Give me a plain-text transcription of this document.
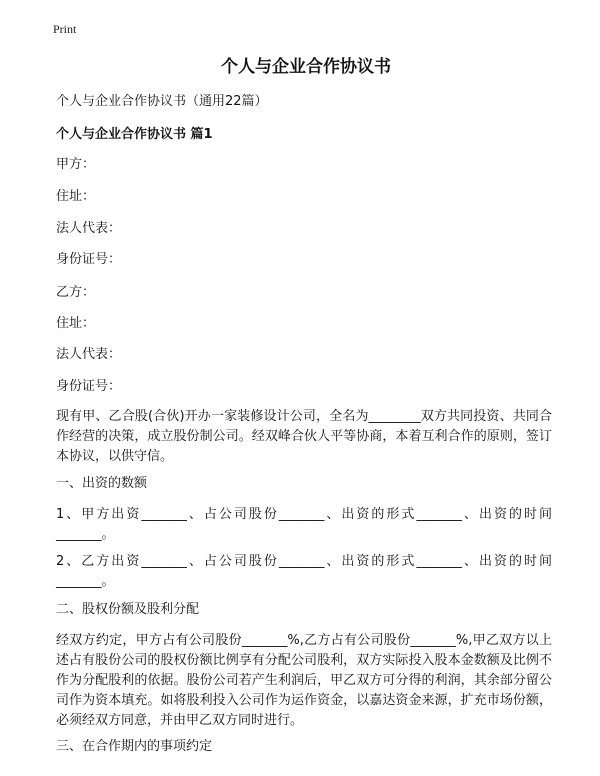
Print
个人与企业合作协议书
个人与企业合作协议书（通用22篇）
个人与企业合作协议书 篇1
甲方：
住址：
法人代表：
身份证号：
乙方：
住址：
法人代表：
身份证号：
现有甲、乙合股(合伙)开办一家装修设计公司，全名为________双方共同投资、共同合作经营的决策，成立股份制公司。经双峰合伙人平等协商，本着互利合作的原则，签订本协议，以供守信。
一、出资的数额
1、甲方出资_______、占公司股份_______、出资的形式_______、出资的时间_______。
2、乙方出资_______、占公司股份_______、出资的形式_______、出资的时间_______。
二、股权份额及股利分配
经双方约定，甲方占有公司股份_______%,乙方占有公司股份_______%,甲乙双方以上述占有股份公司的股权份额比例享有分配公司股利，双方实际投入股本金数额及比例不作为分配股利的依据。股份公司若产生利润后，甲乙双方可分得的利润，其余部分留公司作为资本填充。如将股利投入公司作为运作资金，以嘉达资金来源，扩充市场份额，必须经双方同意，并由甲乙双方同时进行。
三、在合作期内的事项约定
